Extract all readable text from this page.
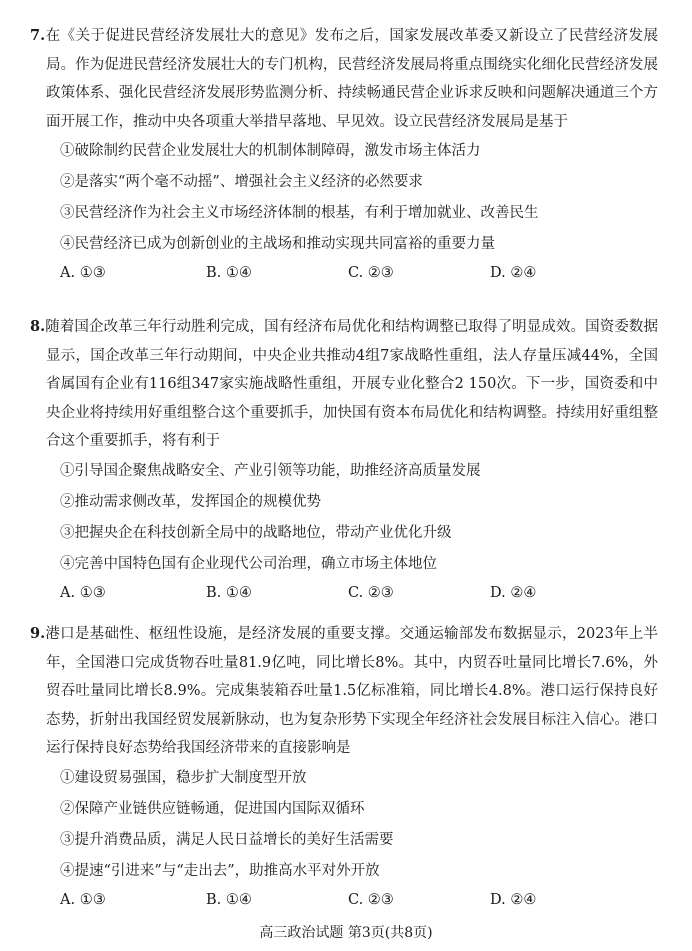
7.在《关于促进民营经济发展壮大的意见》发布之后，国家发展改革委又新设立了民营经济发展局。作为促进民营经济发展壮大的专门机构，民营经济发展局将重点围绕实化细化民营经济发展政策体系、强化民营经济发展形势监测分析、持续畅通民营企业诉求反映和问题解决通道三个方面开展工作，推动中央各项重大举措早落地、早见效。设立民营经济发展局是基于

①破除制约民营企业发展壮大的机制体制障碍，激发市场主体活力

②是落实“两个毫不动摇”、增强社会主义经济的必然要求

③民营经济作为社会主义市场经济体制的根基，有利于增加就业、改善民生

④民营经济已成为创新创业的主战场和推动实现共同富裕的重要力量

A. ①③	B. ①④	C. ②③	D. ②④

8.随着国企改革三年行动胜利完成，国有经济布局优化和结构调整已取得了明显成效。国资委数据显示，国企改革三年行动期间，中央企业共推动4组7家战略性重组，法人存量压减44%，全国省属国有企业有116组347家实施战略性重组，开展专业化整合2 150次。下一步，国资委和中央企业将持续用好重组整合这个重要抓手，加快国有资本布局优化和结构调整。持续用好重组整合这个重要抓手，将有利于

①引导国企聚焦战略安全、产业引领等功能，助推经济高质量发展

②推动需求侧改革，发挥国企的规模优势

③把握央企在科技创新全局中的战略地位，带动产业优化升级

④完善中国特色国有企业现代公司治理，确立市场主体地位

A. ①③	B. ①④	C. ②③	D. ②④

9.港口是基础性、枢纽性设施，是经济发展的重要支撑。交通运输部发布数据显示，2023年上半年，全国港口完成货物吞吐量81.9亿吨，同比增长8%。其中，内贸吞吐量同比增长7.6%，外贸吞吐量同比增长8.9%。完成集装箱吞吐量1.5亿标准箱，同比增长4.8%。港口运行保持良好态势，折射出我国经贸发展新脉动，也为复杂形势下实现全年经济社会发展目标注入信心。港口运行保持良好态势给我国经济带来的直接影响是

①建设贸易强国，稳步扩大制度型开放

②保障产业链供应链畅通，促进国内国际双循环

③提升消费品质，满足人民日益增长的美好生活需要

④提速“引进来”与“走出去”，助推高水平对外开放

A. ①③	B. ①④	C. ②③	D. ②④
高三政治试题 第3页(共8页)
